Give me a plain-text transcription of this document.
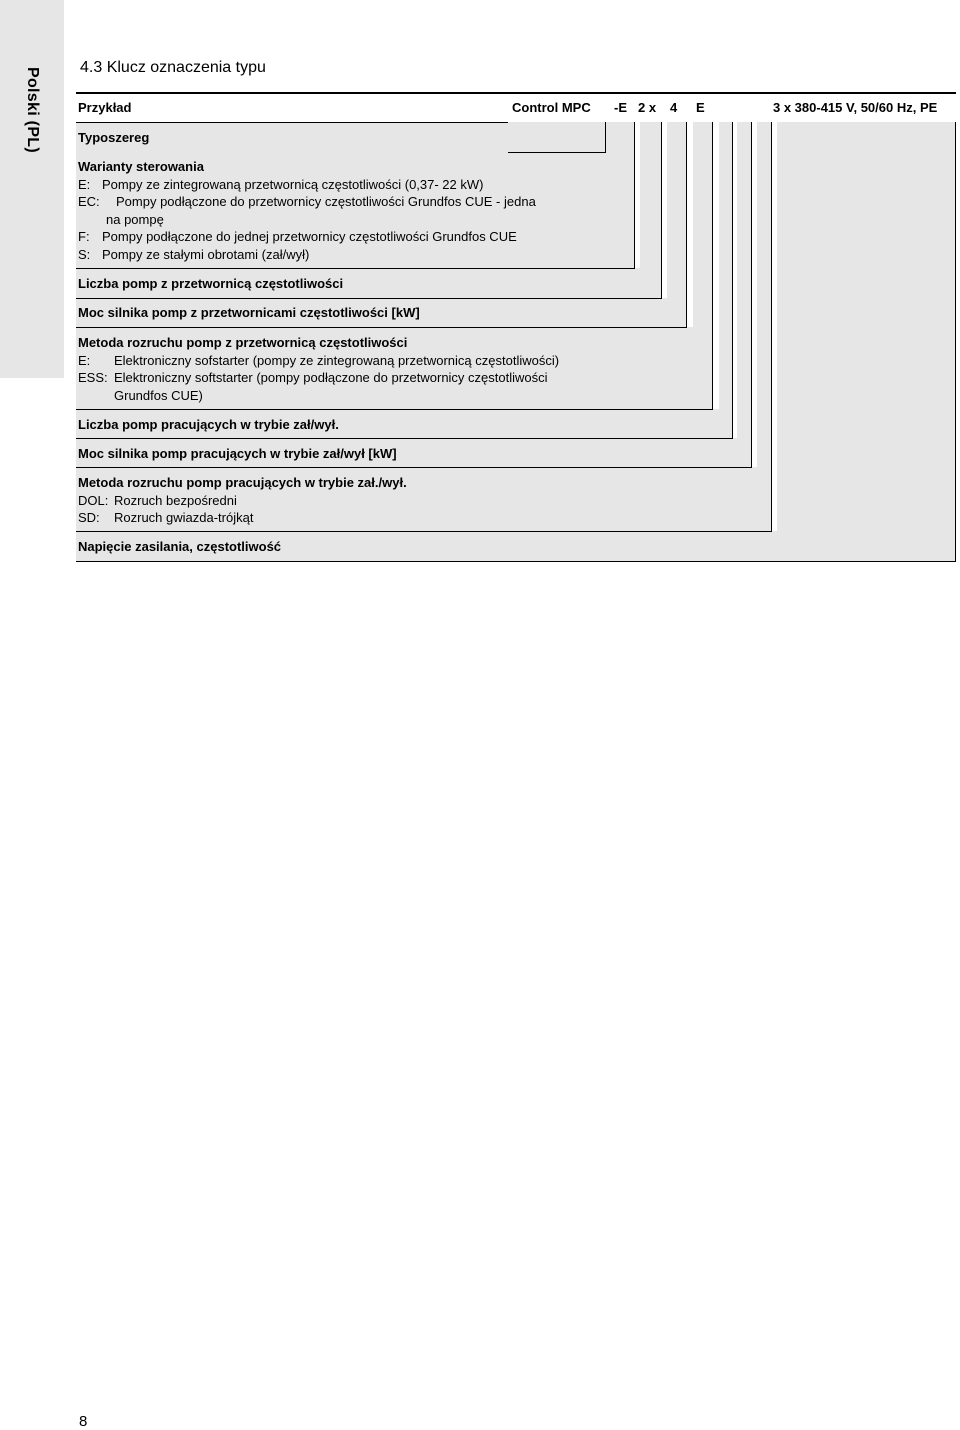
Polski (PL) 4.3 Klucz oznaczenia typu
Przykład	Control MPC -E 2 x 4 E	3 x 380-415 V, 50/60 Hz, PE
Typoszereg
Warianty sterowania
E: Pompy ze zintegrowaną przetwornicą częstotliwości (0,37- 22 kW)
EC: Pompy podłączone do przetwornicy częstotliwości Grundfos CUE - jedna
na pompę
F: Pompy podłączone do jednej przetwornicy częstotliwości Grundfos CUE
S: Pompy ze stałymi obrotami (zał/wył)
Liczba pomp z przetwornicą częstotliwości
Moc silnika pomp z przetwornicami częstotliwości [kW]
Metoda rozruchu pomp z przetwornicą częstotliwości
E: Elektroniczny sofstarter (pompy ze zintegrowaną przetwornicą częstotliwości)
ESS: Elektroniczny softstarter (pompy podłączone do przetwornicy częstotliwości
Grundfos CUE)
Liczba pomp pracujących w trybie zał/wył.
Moc silnika pomp pracujących w trybie zał/wył [kW]
Metoda rozruchu pomp pracujących w trybie zał./wył.
DOL: Rozruch bezpośredni
SD: Rozruch gwiazda-trójkąt
Napięcie zasilania, częstotliwość
8
